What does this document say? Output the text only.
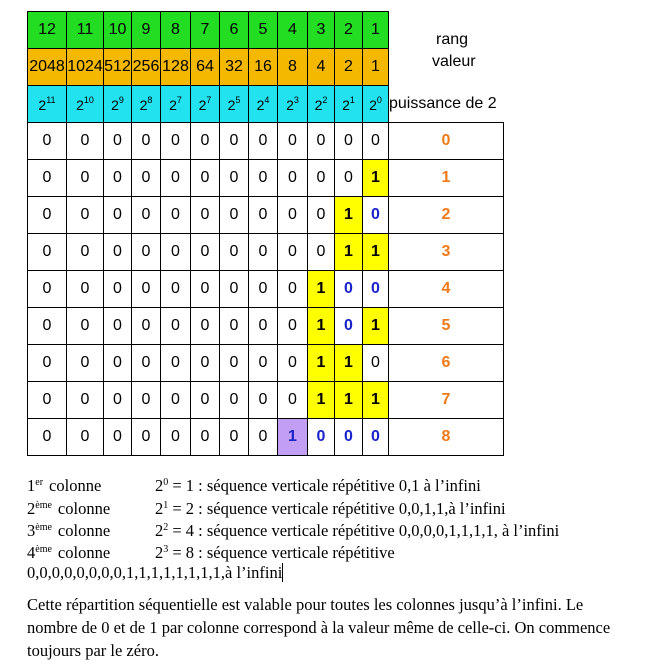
12	11	10	9	8	7	6	5	4	3	2	1	
2048	1024	512	256	128	64	32	16	8	4	2	1	
$2^{11}$	$2^{10}$	$2^9$	$2^8$	$2^7$	$2^7$	$2^5$	$2^4$	$2^3$	$2^2$	$2^1$	$2^0$	puissance de 2
0	0	0	0	0	0	0	0	0	0	0	0	0
0	0	0	0	0	0	0	0	0	0	0	1	1
0	0	0	0	0	0	0	0	0	0	1	0	2
0	0	0	0	0	0	0	0	0	0	1	1	3
0	0	0	0	0	0	0	0	0	1	0	0	4
0	0	0	0	0	0	0	0	0	1	0	1	5
0	0	0	0	0	0	0	0	0	1	1	0	6
0	0	0	0	0	0	0	0	0	1	1	1	7
0	0	0	0	0	0	0	0	1	0	0	0	8
rang
valeur
1er colonne	$2^0 = 1$ : séquence verticale répétitive 0,1 à l’infini
2ème colonne	$2^1 = 2$ : séquence verticale répétitive 0,0,1,1,à l’infini
3ème colonne	$2^2 = 4$ : séquence verticale répétitive 0,0,0,0,1,1,1,1, à l’infini
4ème colonne	$2^3 = 8$ : séquence verticale répétitive
0,0,0,0,0,0,0,0,1,1,1,1,1,1,1,1,à l’infini
Cette répartition séquentielle est valable pour toutes les colonnes jusqu’à l’infini. Le nombre de 0 et de 1 par colonne correspond à la valeur même de celle-ci. On commence toujours par le zéro.
